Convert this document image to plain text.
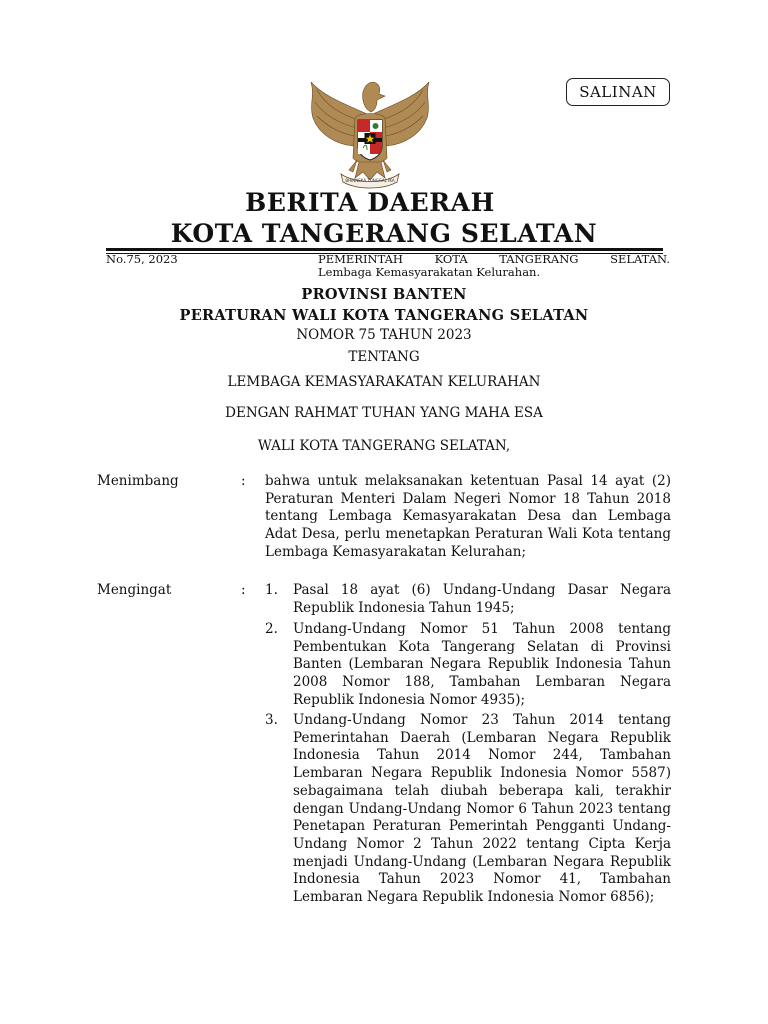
SALINAN
BHINNEKA TUNGGAL IKA
BERITA DAERAH
KOTA TANGERANG SELATAN
No.75, 2023	PEMERINTAH KOTA TANGERANG SELATAN.
Lembaga Kemasyarakatan Kelurahan.
PROVINSI BANTEN
PERATURAN WALI KOTA TANGERANG SELATAN
NOMOR 75 TAHUN 2023
TENTANG
LEMBAGA KEMASYARAKATAN KELURAHAN
DENGAN RAHMAT TUHAN YANG MAHA ESA
WALI KOTA TANGERANG SELATAN,
Menimbang	: bahwa untuk melaksanakan ketentuan Pasal 14 ayat (2) Peraturan Menteri Dalam Negeri Nomor 18 Tahun 2018 tentang Lembaga Kemasyarakatan Desa dan Lembaga Adat Desa, perlu menetapkan Peraturan Wali Kota tentang Lembaga Kemasyarakatan Kelurahan;
Mengingat	: 1. Pasal 18 ayat (6) Undang-Undang Dasar Negara Republik Indonesia Tahun 1945;
2. Undang-Undang Nomor 51 Tahun 2008 tentang Pembentukan Kota Tangerang Selatan di Provinsi Banten (Lembaran Negara Republik Indonesia Tahun 2008 Nomor 188, Tambahan Lembaran Negara Republik Indonesia Nomor 4935);
3. Undang-Undang Nomor 23 Tahun 2014 tentang Pemerintahan Daerah (Lembaran Negara Republik Indonesia Tahun 2014 Nomor 244, Tambahan Lembaran Negara Republik Indonesia Nomor 5587) sebagaimana telah diubah beberapa kali, terakhir dengan Undang-Undang Nomor 6 Tahun 2023 tentang Penetapan Peraturan Pemerintah Pengganti Undang-Undang Nomor 2 Tahun 2022 tentang Cipta Kerja menjadi Undang-Undang (Lembaran Negara Republik Indonesia Tahun 2023 Nomor 41, Tambahan Lembaran Negara Republik Indonesia Nomor 6856);
